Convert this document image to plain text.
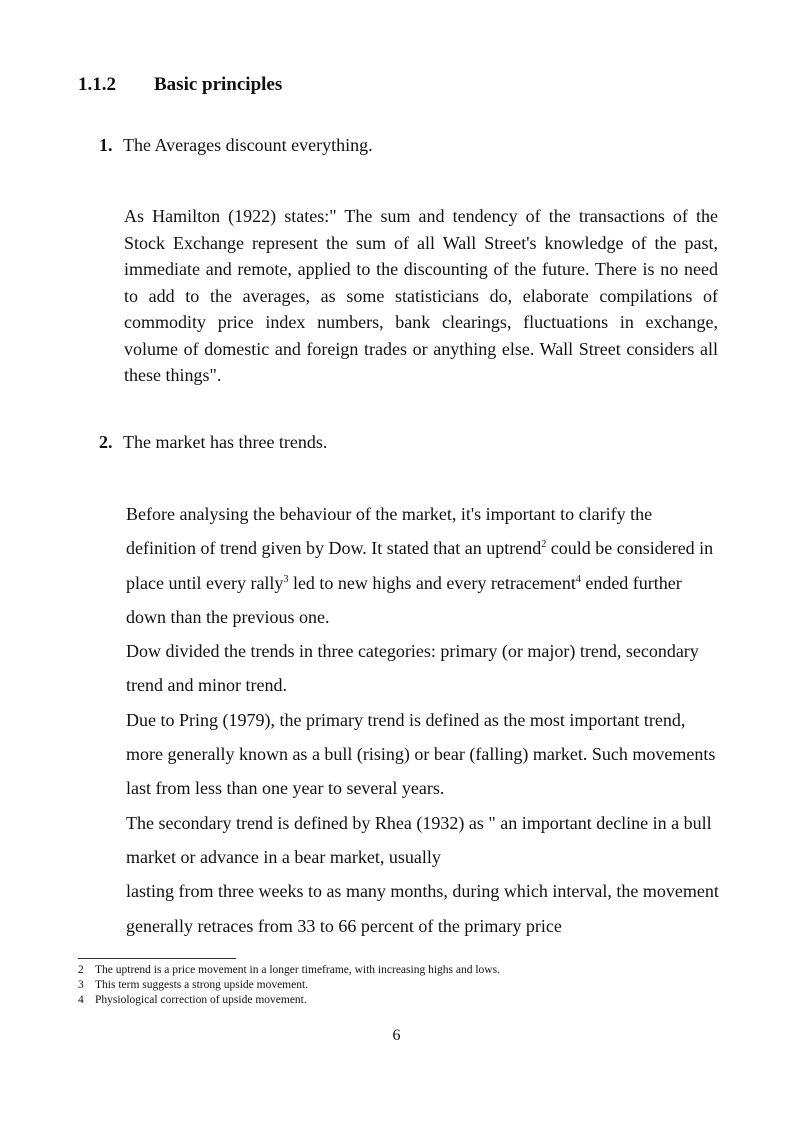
1.1.2 Basic principles
1. The Averages discount everything.

As Hamilton (1922) states:" The sum and tendency of the transactions of the Stock Exchange represent the sum of all Wall Street's knowledge of the past, immediate and remote, applied to the discounting of the future. There is no need to add to the averages, as some statisticians do, elaborate compilations of commodity price index numbers, bank clearings, fluctuations in exchange, volume of domestic and foreign trades or anything else. Wall Street considers all these things".

2. The market has three trends.

Before analysing the behaviour of the market, it's important to clarify the definition of trend given by Dow. It stated that an uptrend$^2$ could be considered in place until every rally$^3$ led to new highs and every retracement$^4$ ended further down than the previous one.

Dow divided the trends in three categories: primary (or major) trend, secondary trend and minor trend.

Due to Pring (1979), the primary trend is defined as the most important trend, more generally known as a bull (rising) or bear (falling) market. Such movements last from less than one year to several years.

The secondary trend is defined by Rhea (1932) as " an important decline in a bull market or advance in a bear market, usually

lasting from three weeks to as many months, during which interval, the movement generally retraces from 33 to 66 percent of the primary price

2 The uptrend is a price movement in a longer timeframe, with increasing highs and lows.
3 This term suggests a strong upside movement.
4 Physiological correction of upside movement.
6
